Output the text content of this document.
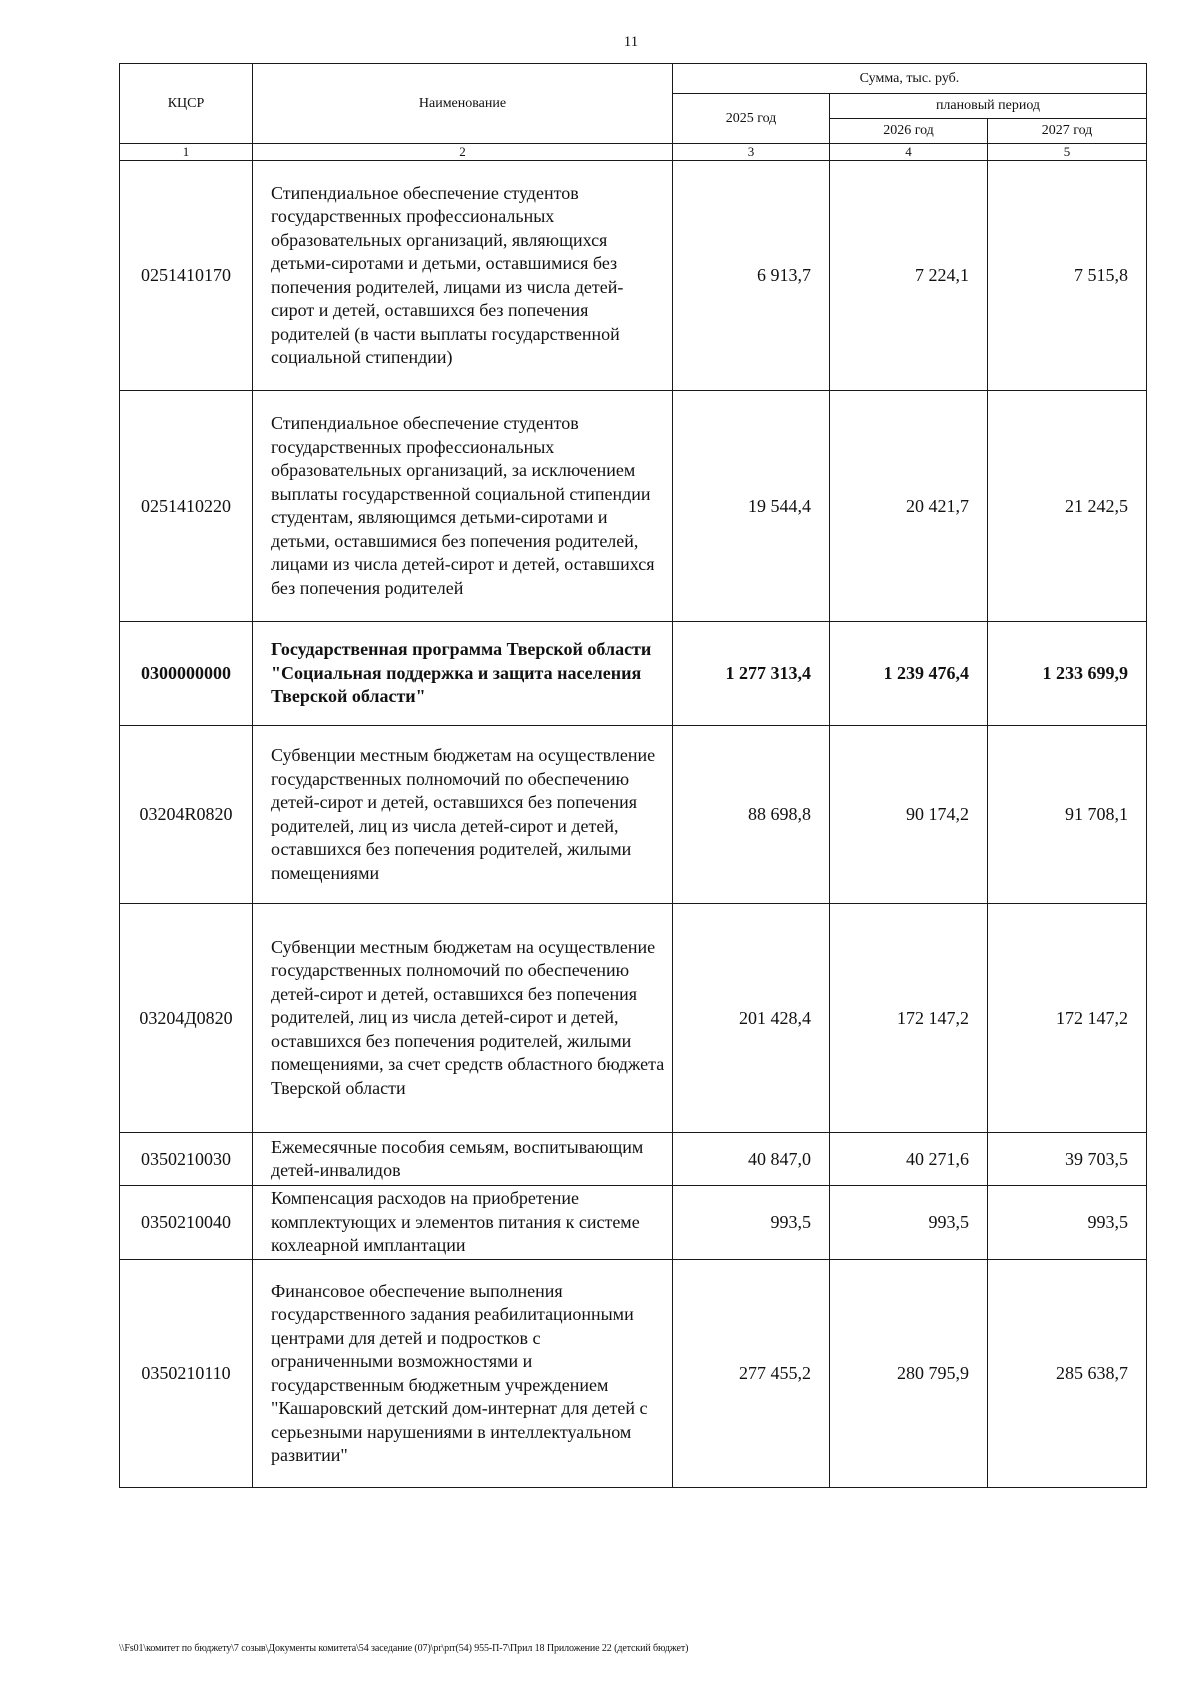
11
КЦСР	Наименование	Сумма, тыс. руб.		
		2025 год	плановый период	
			2026 год	2027 год
1	2	3	4	5
0251410170	Стипендиальное обеспечение студентов государственных профессиональных образовательных организаций, являющихся детьми-сиротами и детьми, оставшимися без попечения родителей, лицами из числа детей-сирот и детей, оставшихся без попечения родителей (в части выплаты государственной социальной стипендии)	6 913,7	7 224,1	7 515,8
0251410220	Стипендиальное обеспечение студентов государственных профессиональных образовательных организаций, за исключением выплаты государственной социальной стипендии студентам, являющимся детьми-сиротами и детьми, оставшимися без попечения родителей, лицами из числа детей-сирот и детей, оставшихся без попечения родителей	19 544,4	20 421,7	21 242,5
0300000000	Государственная программа Тверской области "Социальная поддержка и защита населения Тверской области"	1 277 313,4	1 239 476,4	1 233 699,9
03204R0820	Субвенции местным бюджетам на осуществление государственных полномочий по обеспечению детей-сирот и детей, оставшихся без попечения родителей, лиц из числа детей-сирот и детей, оставшихся без попечения родителей, жилыми помещениями	88 698,8	90 174,2	91 708,1
03204Д0820	Субвенции местным бюджетам на осуществление государственных полномочий по обеспечению детей-сирот и детей, оставшихся без попечения родителей, лиц из числа детей-сирот и детей, оставшихся без попечения родителей, жилыми помещениями, за счет средств областного бюджета Тверской области	201 428,4	172 147,2	172 147,2
0350210030	Ежемесячные пособия семьям, воспитывающим детей-инвалидов	40 847,0	40 271,6	39 703,5
0350210040	Компенсация расходов на приобретение комплектующих и элементов питания к системе кохлеарной имплантации	993,5	993,5	993,5
0350210110	Финансовое обеспечение выполнения государственного задания реабилитационными центрами для детей и подростков с ограниченными возможностями и государственным бюджетным учреждением "Кашаровский детский дом-интернат для детей с серьезными нарушениями в интеллектуальном развитии"	277 455,2	280 795,9	285 638,7
\\Fs01\комитет по бюджету\7 созыв\Документы комитета\54 заседание (07)\pr\prr(54) 955-П-7\Прил 18 Приложение 22 (детский бюджет)
